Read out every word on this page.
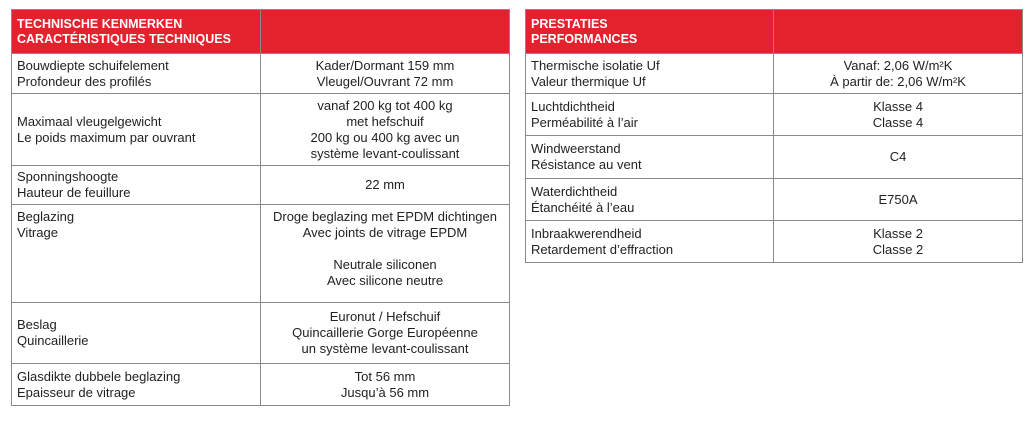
TECHNISCHE KENMERKEN
CARACTÉRISTIQUES TECHNIQUES	

Bouwdiepte schuifelement
Profondeur des profilés	Kader/Dormant 159 mm
Vleugel/Ouvrant 72 mm

Maximaal vleugelgewicht
Le poids maximum par ouvrant	vanaf 200 kg tot 400 kg
met hefschuif
200 kg ou 400 kg avec un
système levant-coulissant

Sponningshoogte
Hauteur de feuillure	22 mm

Beglazing
Vitrage	Droge beglazing met EPDM dichtingen
Avec joints de vitrage EPDM
Neutrale siliconen
Avec silicone neutre

Beslag
Quincaillerie	Euronut / Hefschuif
Quincaillerie Gorge Européenne
un système levant-coulissant

Glasdikte dubbele beglazing
Epaisseur de vitrage	Tot 56 mm
Jusqu’à 56 mm
PRESTATIES
PERFORMANCES	

Thermische isolatie Uf
Valeur thermique Uf	Vanaf: 2,06 W/m²K
À partir de: 2,06 W/m²K

Luchtdichtheid
Perméabilité à l’air	Klasse 4
Classe 4

Windweerstand
Résistance au vent	C4

Waterdichtheid
Étanchéité à l’eau	E750A

Inbraakwerendheid
Retardement d’effraction	Klasse 2
Classe 2
